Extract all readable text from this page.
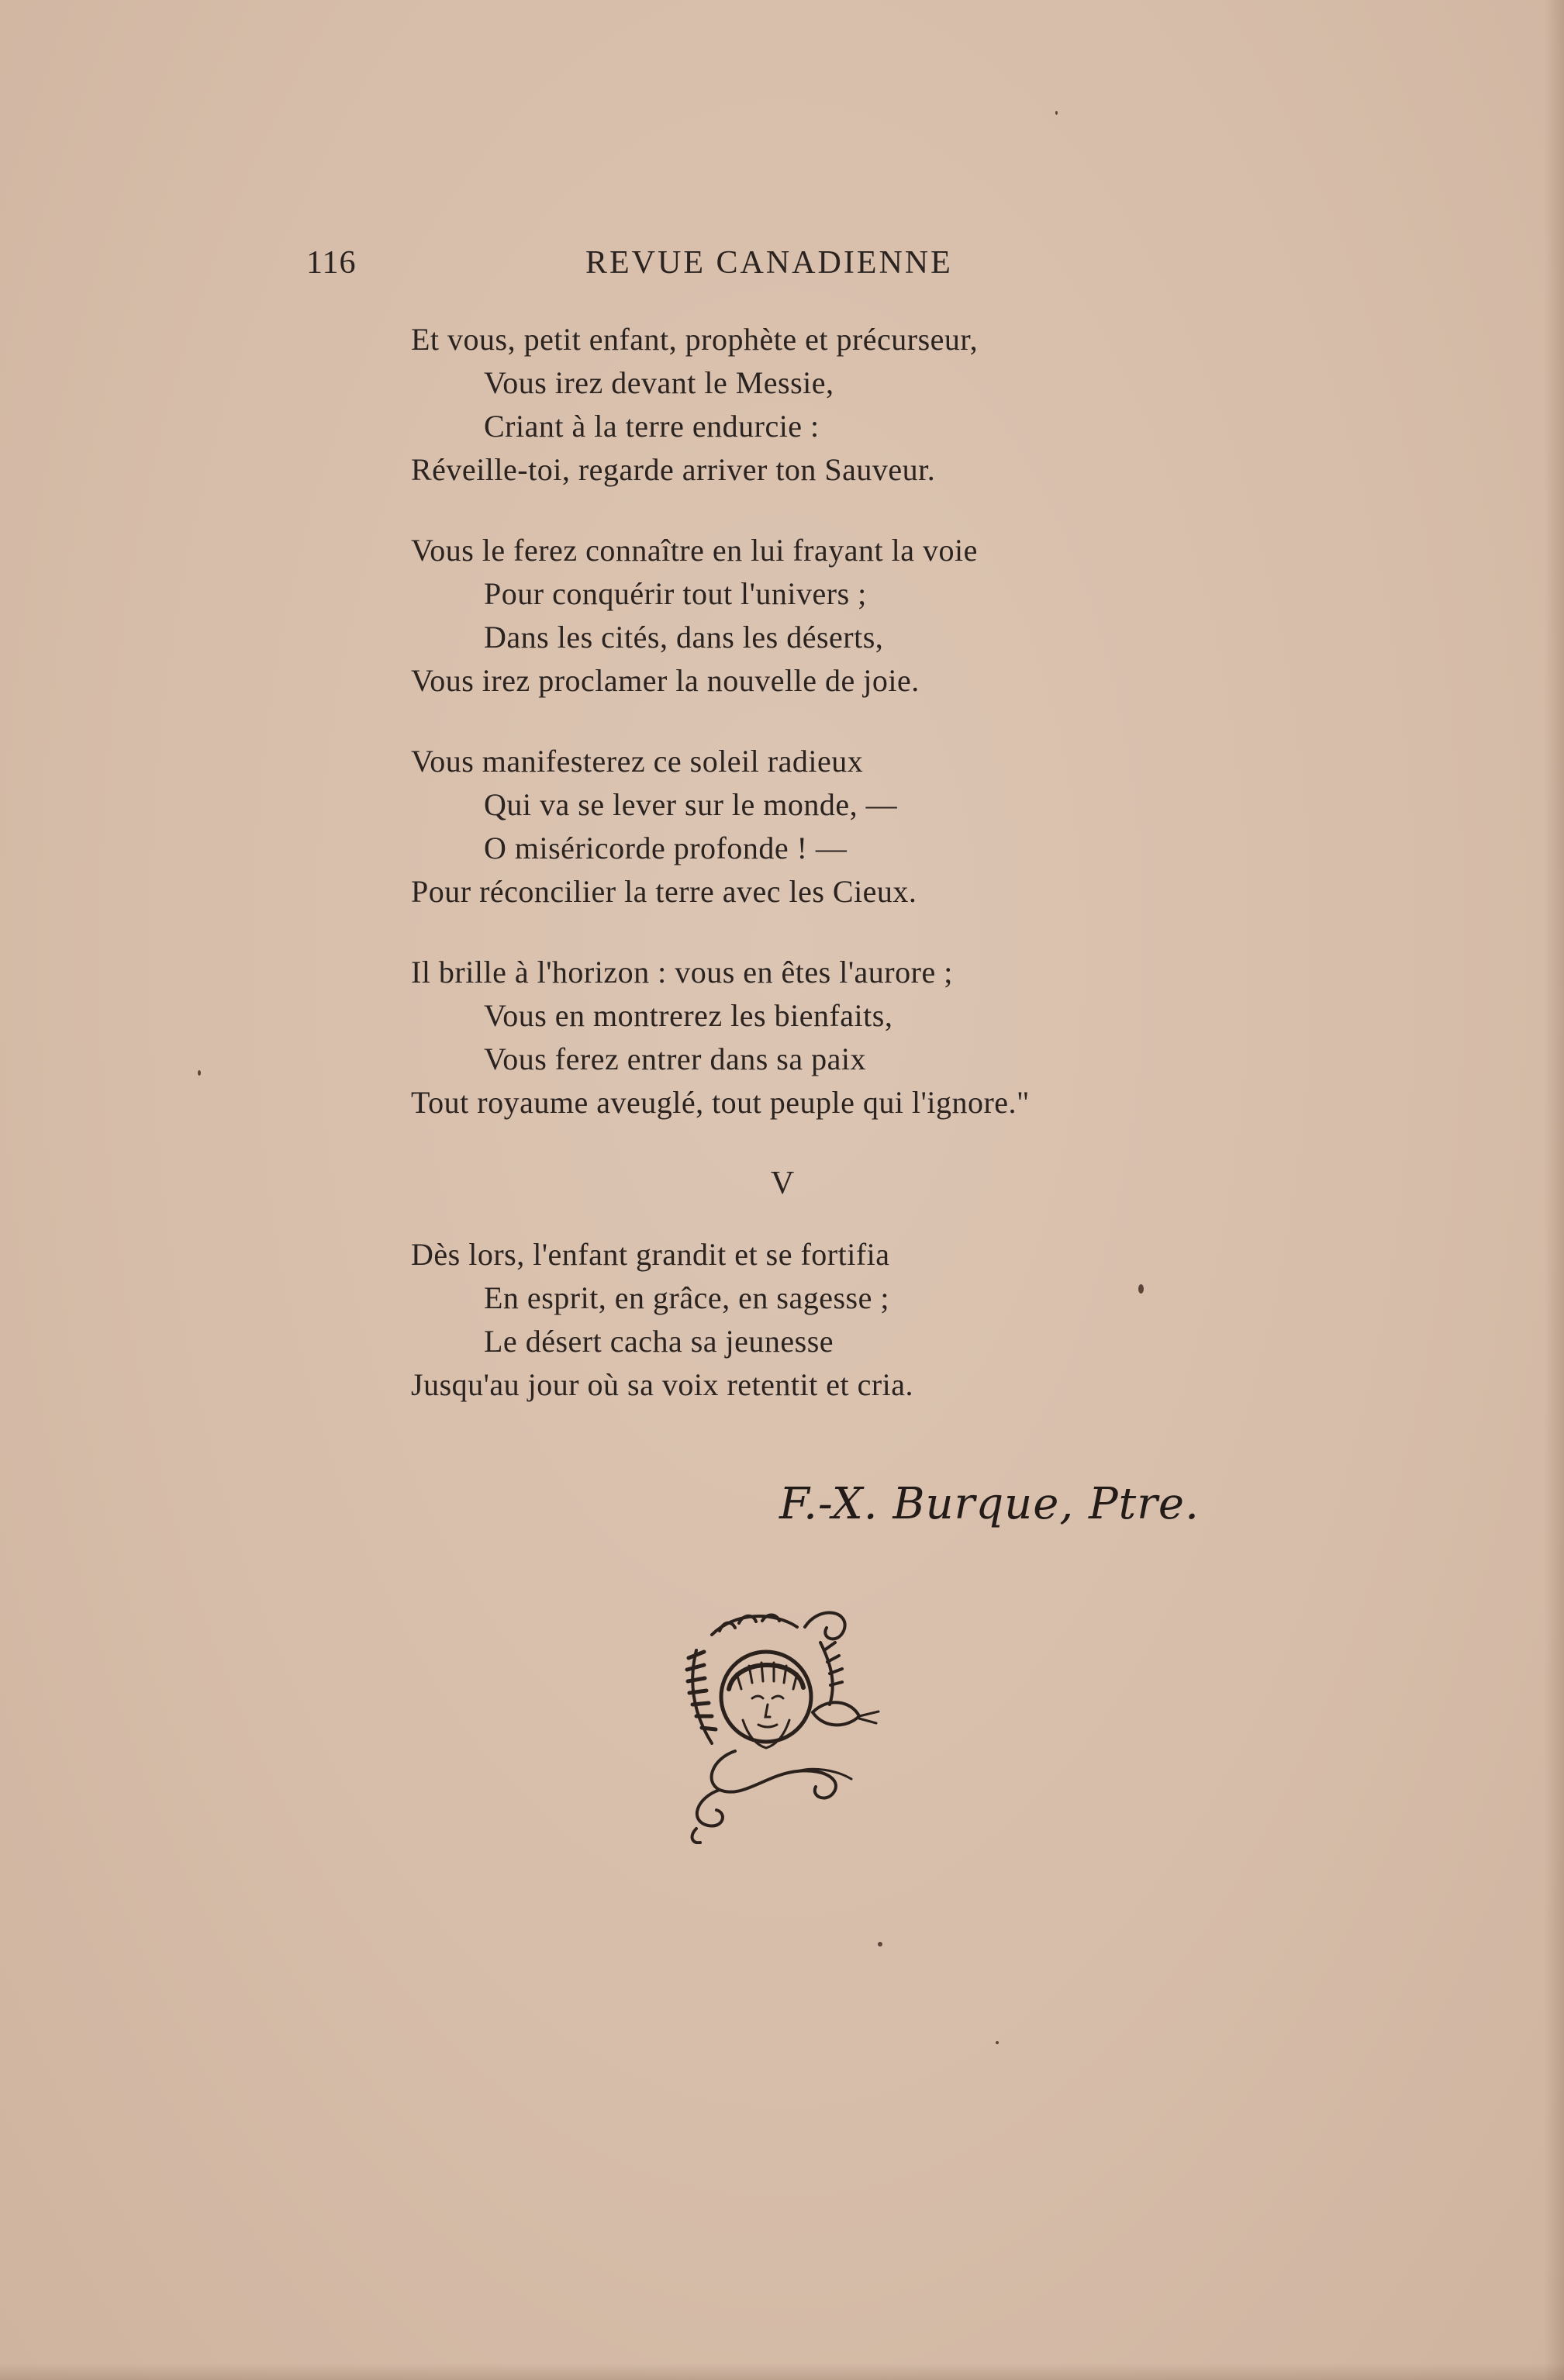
116	REVUE CANADIENNE
Et vous, petit enfant, prophète et précurseur,
Vous irez devant le Messie,
Criant à la terre endurcie :
Réveille-toi, regarde arriver ton Sauveur.
Vous le ferez connaître en lui frayant la voie
Pour conquérir tout l'univers ;
Dans les cités, dans les déserts,
Vous irez proclamer la nouvelle de joie.
Vous manifesterez ce soleil radieux
Qui va se lever sur le monde, —
O miséricorde profonde ! —
Pour réconcilier la terre avec les Cieux.
Il brille à l'horizon : vous en êtes l'aurore ;
Vous en montrerez les bienfaits,
Vous ferez entrer dans sa paix
Tout royaume aveuglé, tout peuple qui l'ignore."
V
Dès lors, l'enfant grandit et se fortifia
En esprit, en grâce, en sagesse ;
Le désert cacha sa jeunesse
Jusqu'au jour où sa voix retentit et cria.
F.-X. Burque, Ptre.
